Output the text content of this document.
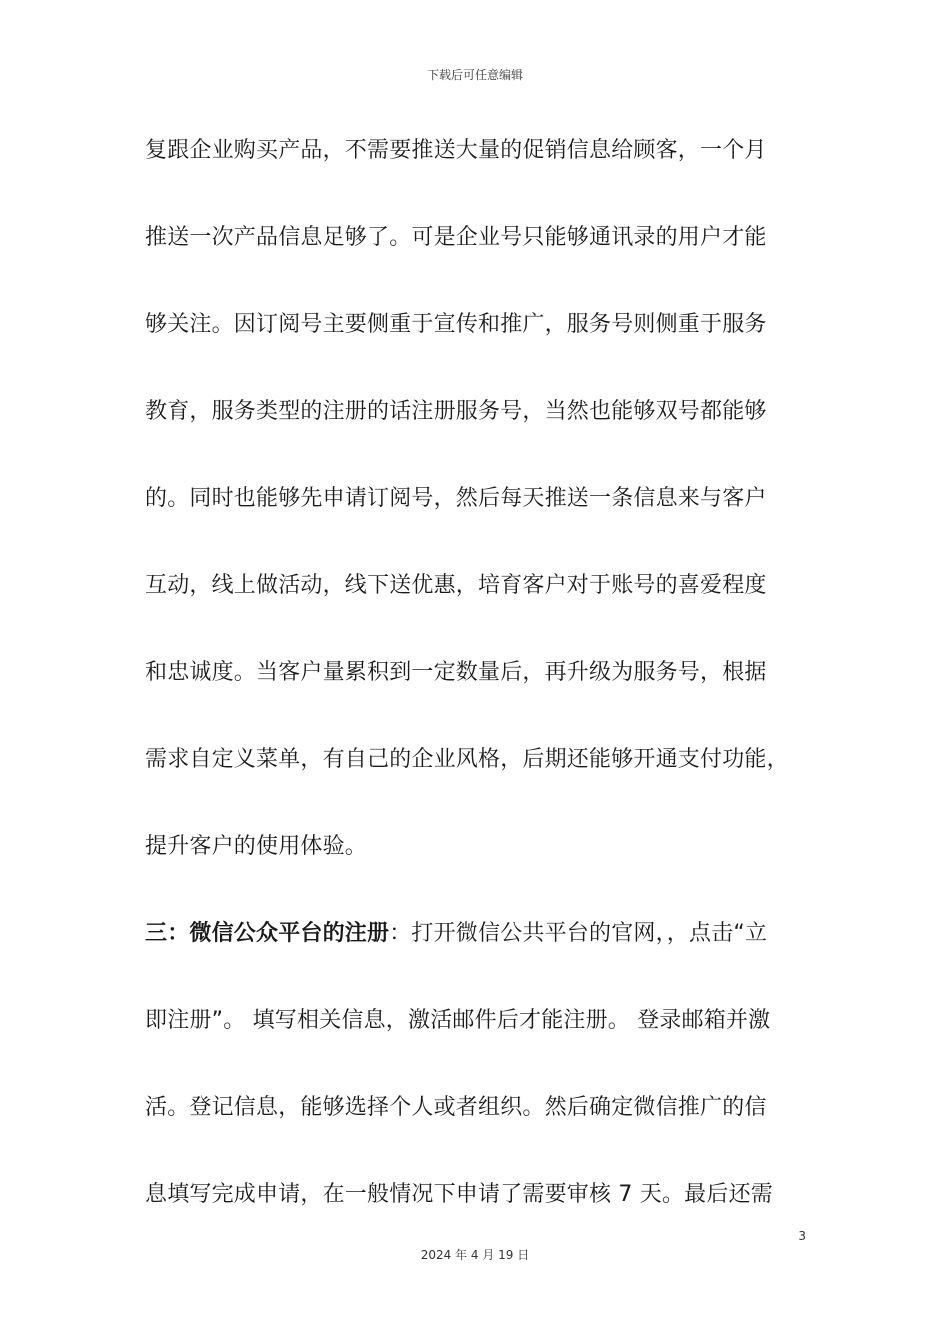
下载后可任意编辑
复跟企业购买产品，不需要推送大量的促销信息给顾客，一个月
推送一次产品信息足够了。可是企业号只能够通讯录的用户才能
够关注。因订阅号主要侧重于宣传和推广，服务号则侧重于服务
教育，服务类型的注册的话注册服务号，当然也能够双号都能够
的。同时也能够先申请订阅号，然后每天推送一条信息来与客户
互动，线上做活动，线下送优惠，培育客户对于账号的喜爱程度
和忠诚度。当客户量累积到一定数量后，再升级为服务号，根据
需求自定义菜单，有自己的企业风格，后期还能够开通支付功能，
提升客户的使用体验。
三：微信公众平台的注册：打开微信公共平台的官网，，点击“立
即注册”。 填写相关信息，激活邮件后才能注册。 登录邮箱并激
活。登记信息，能够选择个人或者组织。然后确定微信推广的信
息填写完成申请，在一般情况下申请了需要审核 7 天。最后还需
3
2024 年 4 月 19 日
